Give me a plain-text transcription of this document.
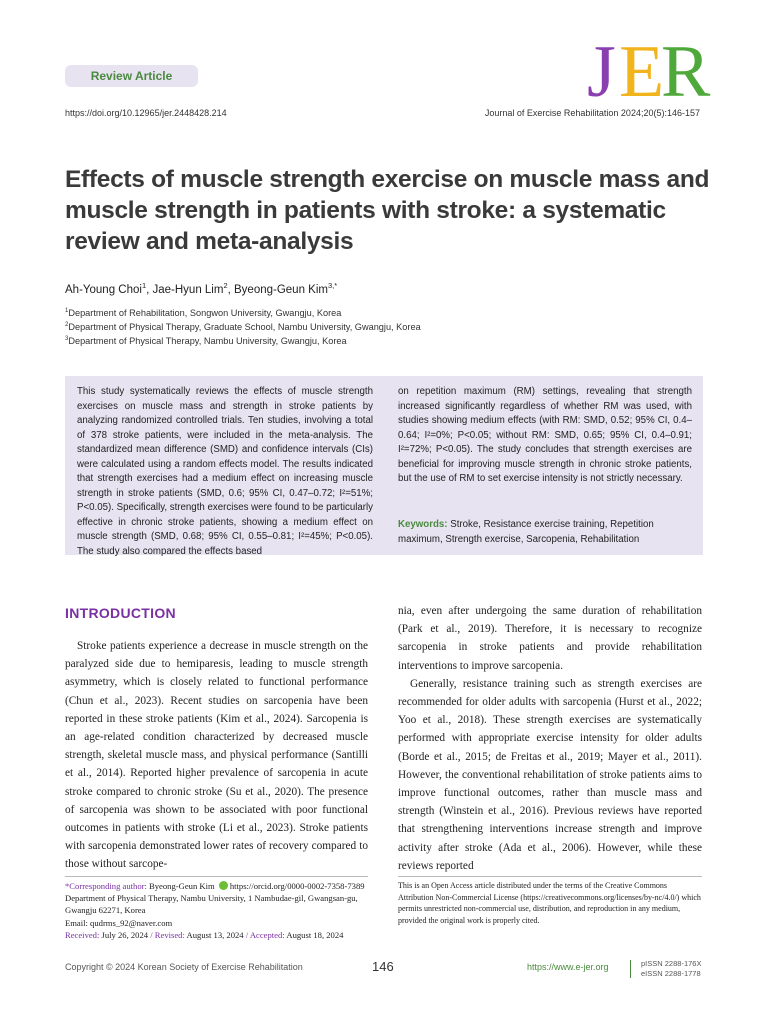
Review Article	J E
R
https://doi.org/10.12965/jer.2448428.214	Journal of Exercise Rehabilitation 2024;20(5):146-157
Effects of muscle strength exercise on muscle mass and muscle strength in patients with stroke: a systematic review and meta-analysis
Ah-Young Choi$^1$, Jae-Hyun Lim$^2$, Byeong-Geun Kim$^{3,*}$
$^1$Department of Rehabilitation, Songwon University, Gwangju, Korea
$^2$Department of Physical Therapy, Graduate School, Nambu University, Gwangju, Korea
$^3$Department of Physical Therapy, Nambu University, Gwangju, Korea

This study systematically reviews the effects of muscle strength exercises on muscle mass and strength in stroke patients by analyzing randomized controlled trials. Ten studies, involving a total of 378 stroke patients, were included in the meta-analysis. The standardized mean difference (SMD) and confidence intervals (CIs) were calculated using a random effects model. The results indicated that strength exercises had a medium effect on increasing muscle strength in stroke patients (SMD, 0.6; 95% CI, 0.47–0.72; I²=51%; P<0.05). Specifically, strength exercises were found to be particularly effective in chronic stroke patients, showing a medium effect on muscle strength (SMD, 0.68; 95% CI, 0.55–0.81; I²=45%; P<0.05). The study also compared the effects based

on repetition maximum (RM) settings, revealing that strength increased significantly regardless of whether RM was used, with studies showing medium effects (with RM: SMD, 0.52; 95% CI, 0.4–0.64; I²=0%; P<0.05; without RM: SMD, 0.65; 95% CI, 0.4–0.91; I²=72%; P<0.05). The study concludes that strength exercises are beneficial for improving muscle strength in chronic stroke patients, but the use of RM to set exercise intensity is not strictly necessary.

Keywords: Stroke, Resistance exercise training, Repetition maximum, Strength exercise, Sarcopenia, Rehabilitation

INTRODUCTION

Stroke patients experience a decrease in muscle strength on the paralyzed side due to hemiparesis, leading to muscle strength asymmetry, which is closely related to functional performance (Chun et al., 2023). Recent studies on sarcopenia have been reported in these stroke patients (Kim et al., 2024). Sarcopenia is an age-related condition characterized by decreased muscle strength, skeletal muscle mass, and physical performance (Santilli et al., 2014). Reported higher prevalence of sarcopenia in acute stroke compared to chronic stroke (Su et al., 2020). The presence of sarcopenia was shown to be associated with poor functional outcomes in patients with stroke (Li et al., 2023). Stroke patients with sarcopenia demonstrated lower rates of recovery compared to those without sarcope-

nia, even after undergoing the same duration of rehabilitation (Park et al., 2019). Therefore, it is necessary to recognize sarcopenia in stroke patients and provide rehabilitation interventions to improve sarcopenia.

Generally, resistance training such as strength exercises are recommended for older adults with sarcopenia (Hurst et al., 2022; Yoo et al., 2018). These strength exercises are systematically performed with appropriate exercise intensity for older adults (Borde et al., 2015; de Freitas et al., 2019; Mayer et al., 2011). However, the conventional rehabilitation of stroke patients aims to improve functional outcomes, rather than muscle mass and strength (Winstein et al., 2016). Previous reviews have reported that strengthening interventions increase strength and improve activity after stroke (Ada et al., 2006). However, while these reviews reported

*Corresponding author: Byeong-Geun Kim https://orcid.org/0000-0002-7358-7389
Department of Physical Therapy, Nambu University, 1 Nambudae-gil, Gwangsan-gu, Gwangju 62271, Korea
Email: qudrms_92@naver.com
Received: July 26, 2024 / Revised: August 13, 2024 / Accepted: August 18, 2024
This is an Open Access article distributed under the terms of the Creative Commons Attribution Non-Commercial License (https://creativecommons.org/licenses/by-nc/4.0/) which permits unrestricted non-commercial use, distribution, and reproduction in any medium, provided the original work is properly cited.
Copyright © 2024 Korean Society of Exercise Rehabilitation	146	https://www.e-jer.org	pISSN 2288-176X
eISSN 2288-1778
